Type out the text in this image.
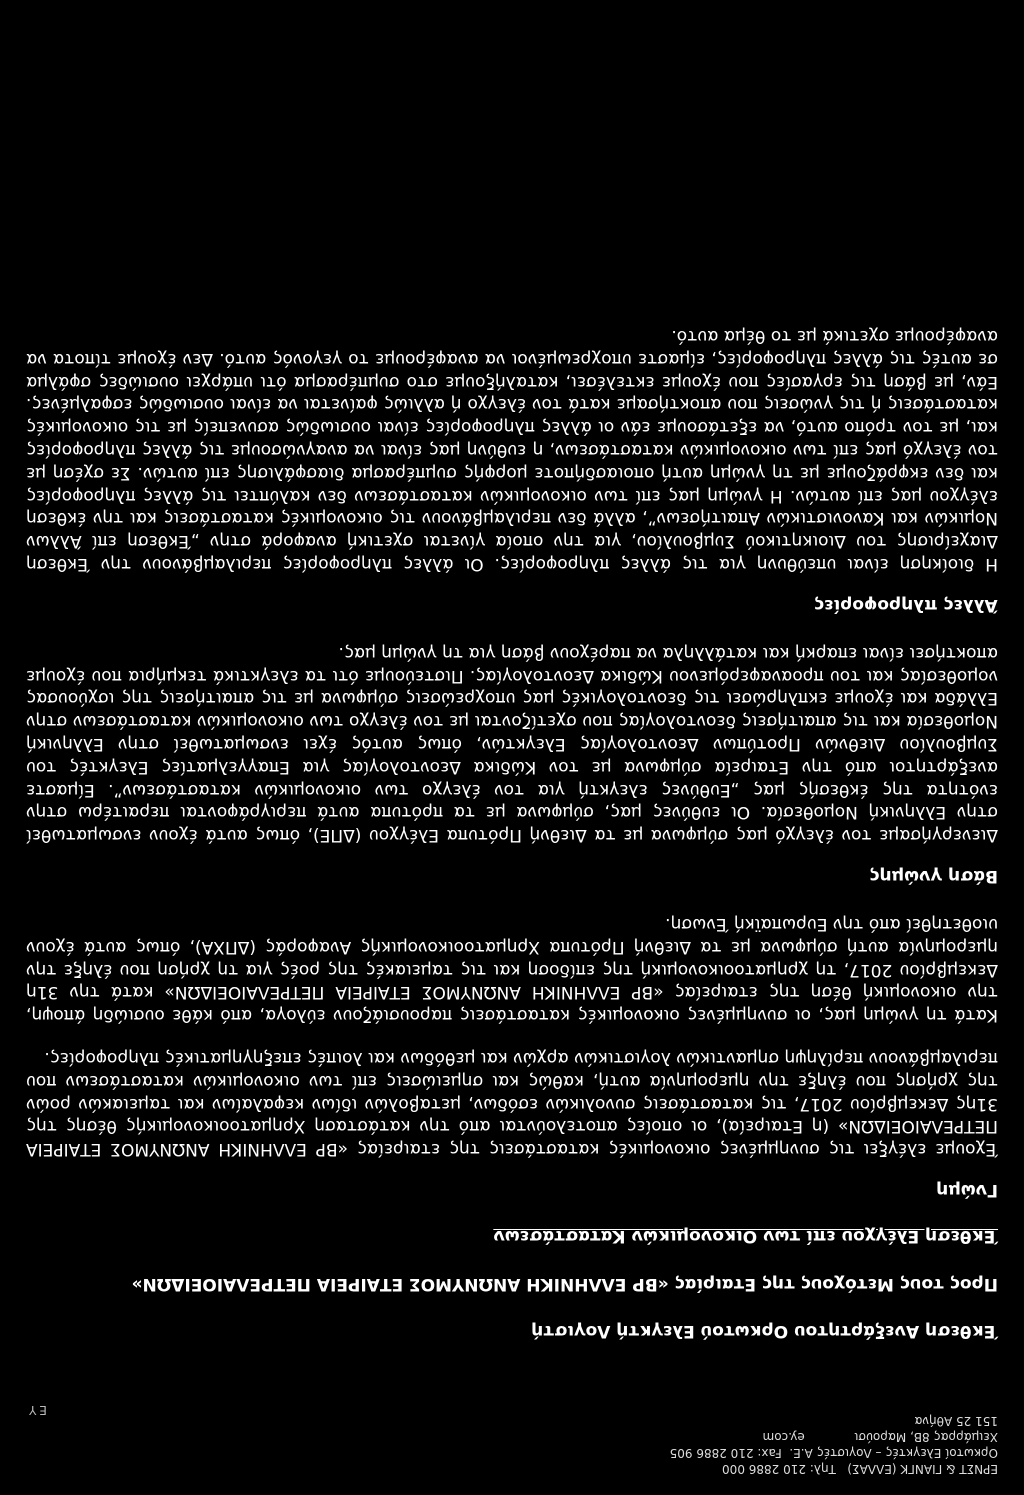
ΕΡΝΣΤ & ΓΙΑΝΓΚ (ΕΛΛΑΣ)   Τηλ: 210 2886 000
Ορκωτοί Ελεγκτές – Λογιστές Α.Ε.  Fax: 210 2886 905
Χειμάρρας 8Β, Μαρούσι             ey.com
151 25 Αθήνα
EY

Έκθεση Ανεξάρτητου Ορκωτού Ελεγκτή Λογιστή

Προς τους Μετόχους της Εταιρίας «BP ΕΛΛΗΝΙΚΗ ΑΝΩΝΥΜΟΣ ΕΤΑΙΡΕΙΑ ΠΕΤΡΕΛΑΙΟΕΙΔΩΝ»

Έκθεση Ελέγχου επί των Οικονομικών Καταστάσεων

Γνώμη

Έχουμε ελέγξει τις συνημμένες οικονομικές καταστάσεις της εταιρείας «BP ΕΛΛΗΝΙΚΗ ΑΝΩΝΥΜΟΣ ΕΤΑΙΡΕΙΑ ΠΕΤΡΕΛΑΙΟΕΙΔΩΝ» (η Εταιρεία), οι οποίες αποτελούνται από την κατάσταση Χρηματοοικονομικής θέσης της 31ης Δεκεμβρίου 2017, τις καταστάσεις συνολικών εσόδων, μεταβολών ιδίων κεφαλαίων και ταμειακών ροών της χρήσης που έληξε την ημερομηνία αυτή, καθώς και σημειώσεις επί των οικονομικών καταστάσεων που περιλαμβάνουν περίληψη σημαντικών λογιστικών αρχών και μεθόδων και λοιπές επεξηγηματικές πληροφορίες.

Κατά τη γνώμη μας, οι συνημμένες οικονομικές καταστάσεις παρουσιάζουν εύλογα, από κάθε ουσιώδη άποψη, την οικονομική θέση της εταιρείας «BP ΕΛΛΗΝΙΚΗ ΑΝΩΝΥΜΟΣ ΕΤΑΙΡΕΙΑ ΠΕΤΡΕΛΑΙΟΕΙΔΩΝ» κατά την 31η Δεκεμβρίου 2017, τη χρηματοοικονομική της επίδοση και τις ταμειακές της ροές για τη χρήση που έληξε την ημερομηνία αυτή σύμφωνα με τα Διεθνή Πρότυπα Χρηματοοικονομικής Αναφοράς (ΔΠΧΑ), όπως αυτά έχουν υιοθετηθεί από την Ευρωπαϊκή Ένωση.

Βάση γνώμης

Διενεργήσαμε τον έλεγχό μας σύμφωνα με τα Διεθνή Πρότυπα Ελέγχου (ΔΠΕ), όπως αυτά έχουν ενσωματωθεί στην Ελληνική Νομοθεσία. Οι ευθύνες μας, σύμφωνα με τα πρότυπα αυτά περιγράφονται περαιτέρω στην ενότητα της έκθεσής μας „Ευθύνες ελεγκτή για τον έλεγχο των οικονομικών καταστάσεων”. Είμαστε ανεξάρτητοι από την Εταιρεία σύμφωνα με τον Κώδικα Δεοντολογίας για Επαγγελματίες Ελεγκτές του Συμβουλίου Διεθνών Προτύπων Δεοντολογίας Ελεγκτών, όπως αυτός έχει ενσωματωθεί στην Ελληνική Νομοθεσία και τις απαιτήσεις δεοντολογίας που σχετίζονται με τον έλεγχο των οικονομικών καταστάσεων στην Ελλάδα και έχουμε εκπληρώσει τις δεοντολογικές μας υποχρεώσεις σύμφωνα με τις απαιτήσεις της ισχύουσας νομοθεσίας και του προαναφερόμενου Κώδικα Δεοντολογίας. Πιστεύουμε ότι τα ελεγκτικά τεκμήρια που έχουμε αποκτήσει είναι επαρκή και κατάλληλα να παρέχουν βάση για τη γνώμη μας.

Άλλες πληροφορίες

Η διοίκηση είναι υπεύθυνη για τις άλλες πληροφορίες. Οι άλλες πληροφορίες περιλαμβάνουν την Έκθεση Διαχείρισης του Διοικητικού Συμβουλίου, για την οποία γίνεται σχετική αναφορά στην „Έκθεση επί Άλλων Νομικών και Κανονιστικών Απαιτήσεων”, αλλά δεν περιλαμβάνουν τις οικονομικές καταστάσεις και την έκθεση ελέγχου μας επί αυτών. Η γνώμη μας επί των οικονομικών καταστάσεων δεν καλύπτει τις άλλες πληροφορίες και δεν εκφράζουμε με τη γνώμη αυτή οποιασδήποτε μορφής συμπέρασμα διασφάλισης επί αυτών. Σε σχέση με τον έλεγχό μας επί των οικονομικών καταστάσεων, η ευθύνη μας είναι να αναγνώσουμε τις άλλες πληροφορίες και, με τον τρόπο αυτό, να εξετάσουμε εάν οι άλλες πληροφορίες είναι ουσιωδώς ασυνεπείς με τις οικονομικές καταστάσεις ή τις γνώσεις που αποκτήσαμε κατά τον έλεγχο ή αλλιώς φαίνεται να είναι ουσιωδώς εσφαλμένες. Εάν, με βάση τις εργασίες που έχουμε εκτελέσει, καταλήξουμε στο συμπέρασμα ότι υπάρχει ουσιώδες σφάλμα σε αυτές τις άλλες πληροφορίες, είμαστε υποχρεωμένοι να αναφέρουμε το γεγονός αυτό. Δεν έχουμε τίποτα να αναφέρουμε σχετικά με το θέμα αυτό.
